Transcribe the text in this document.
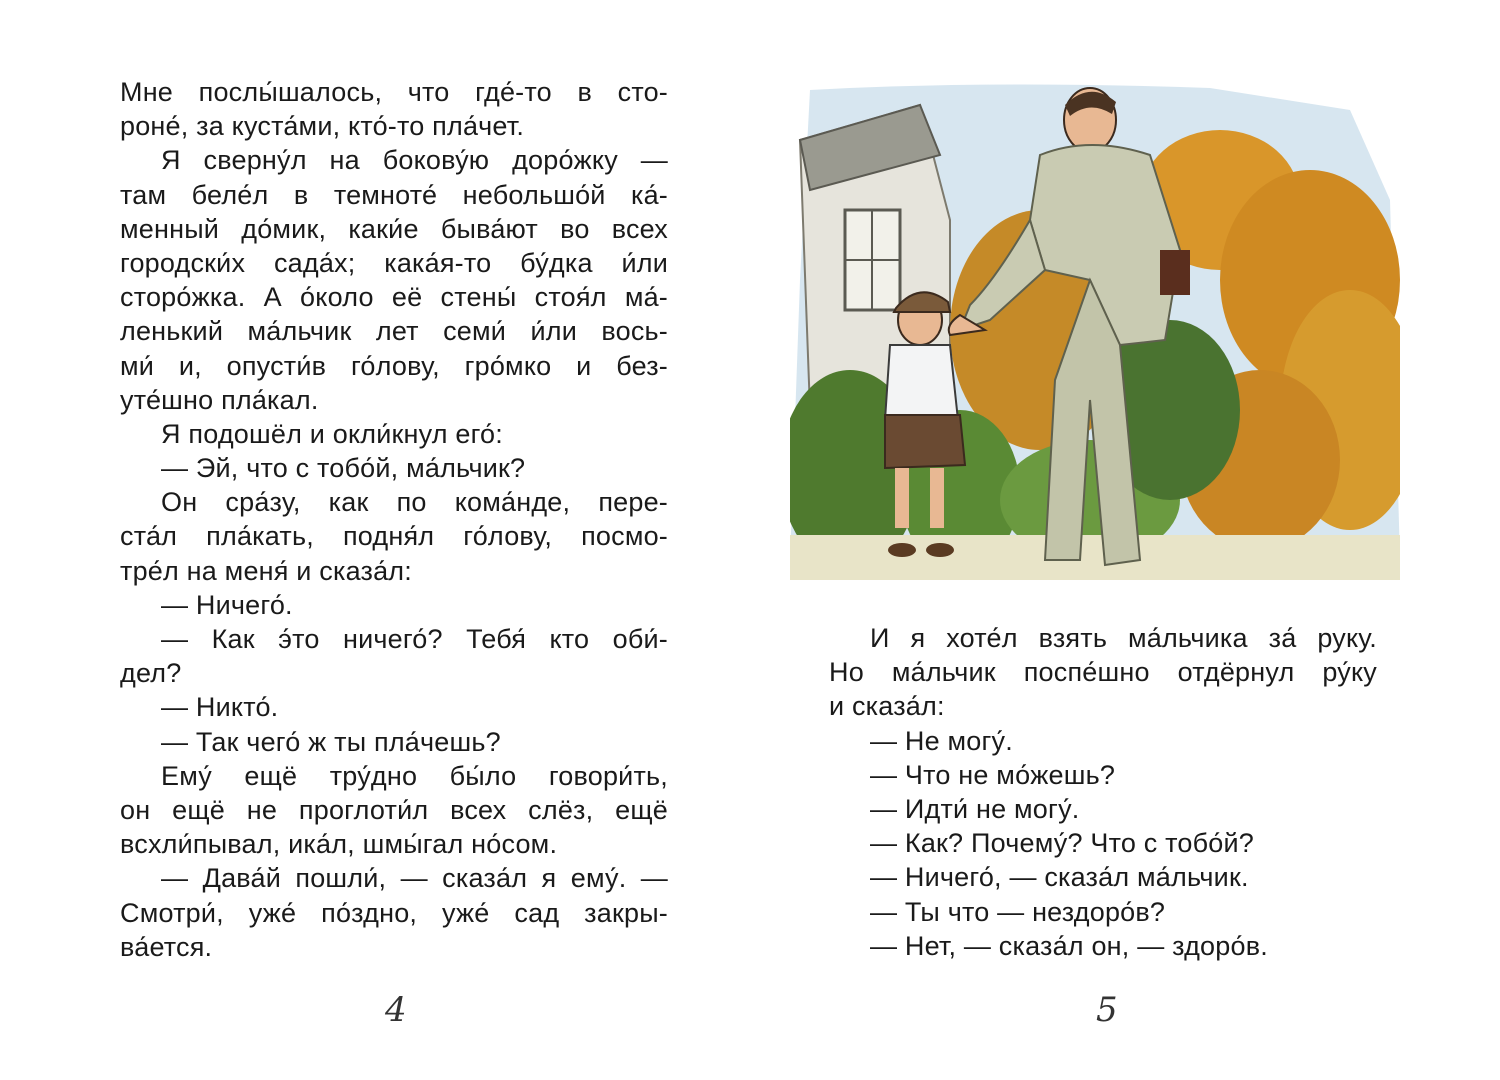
Мне послы́шалось, что где́-то в сто-
роне́, за куста́ми, кто́-то пла́чет.
Я сверну́л на бокову́ю доро́жку —
там беле́л в темноте́ небольшо́й ка́-
менный до́мик, каки́е быва́ют во всех
городски́х сада́х; кака́я-то бу́дка и́ли
сторо́жка. А о́коло её стены́ стоя́л ма́-
ленький ма́льчик лет семи́ и́ли вось-
ми́ и, опусти́в го́лову, гро́мко и без-
уте́шно пла́кал.
Я подошёл и окли́кнул его́:
— Эй, что с тобо́й, ма́льчик?
Он сра́зу, как по кома́нде, пере-
ста́л пла́кать, подня́л го́лову, посмо-
тре́л на меня́ и сказа́л:
— Ничего́.
— Как э́то ничего́? Тебя́ кто оби́-
дел?
— Никто́.
— Так чего́ ж ты пла́чешь?
Ему́ ещё тру́дно бы́ло говори́ть,
он ещё не проглоти́л всех слёз, ещё
всхли́пывал, ика́л, шмы́гал но́сом.
— Дава́й пошли́, — сказа́л я ему́. —
Смотри́, уже́ по́здно, уже́ сад закры-
ва́ется.
4
И я хоте́л взять ма́льчика за́ руку.
Но ма́льчик поспе́шно отдёрнул ру́ку
и сказа́л:
— Не могу́.
— Что не мо́жешь?
— Идти́ не могу́.
— Как? Почему́? Что с тобо́й?
— Ничего́, — сказа́л ма́льчик.
— Ты что — нездоро́в?
— Нет, — сказа́л он, — здоро́в.
5
